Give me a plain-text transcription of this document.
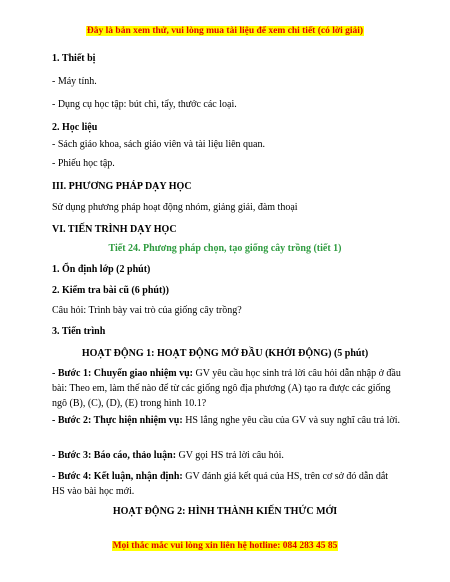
Đây là bản xem thử, vui lòng mua tài liệu để xem chi tiết (có lời giải)
1. Thiết bị
- Máy tính.
- Dụng cụ học tập: bút chì, tẩy, thước các loại.
2. Học liệu
- Sách giáo khoa, sách giáo viên và tài liệu liên quan.
- Phiếu học tập.
III. PHƯƠNG PHÁP DẠY HỌC
Sử dụng phương pháp hoạt động nhóm, giảng giải, đàm thoại
VI. TIẾN TRÌNH DẠY HỌC
Tiết 24. Phương pháp chọn, tạo giống cây trồng (tiết 1)
1. Ổn định lớp (2 phút)
2. Kiểm tra bài cũ (6 phút))
Câu hỏi: Trình bày vai trò của giống cây trồng?
3. Tiến trình
HOẠT ĐỘNG 1: HOẠT ĐỘNG MỞ ĐẦU (KHỞI ĐỘNG) (5 phút)
- Bước 1: Chuyển giao nhiệm vụ: GV yêu cầu học sinh trả lời câu hỏi dẫn nhập ở đầu bài: Theo em, làm thế nào để từ các giống ngô địa phương (A) tạo ra được các giống ngô (B), (C), (D), (E) trong hình 10.1?
- Bước 2: Thực hiện nhiệm vụ: HS lắng nghe yêu cầu của GV và suy nghĩ câu trả lời.
- Bước 3: Báo cáo, thảo luận: GV gọi HS trả lời câu hỏi.
- Bước 4: Kết luận, nhận định: GV đánh giá kết quả của HS, trên cơ sở đó dẫn dắt HS vào bài học mới.
HOẠT ĐỘNG 2: HÌNH THÀNH KIẾN THỨC MỚI
Mọi thắc mắc vui lòng xin liên hệ hotline: 084 283 45 85
